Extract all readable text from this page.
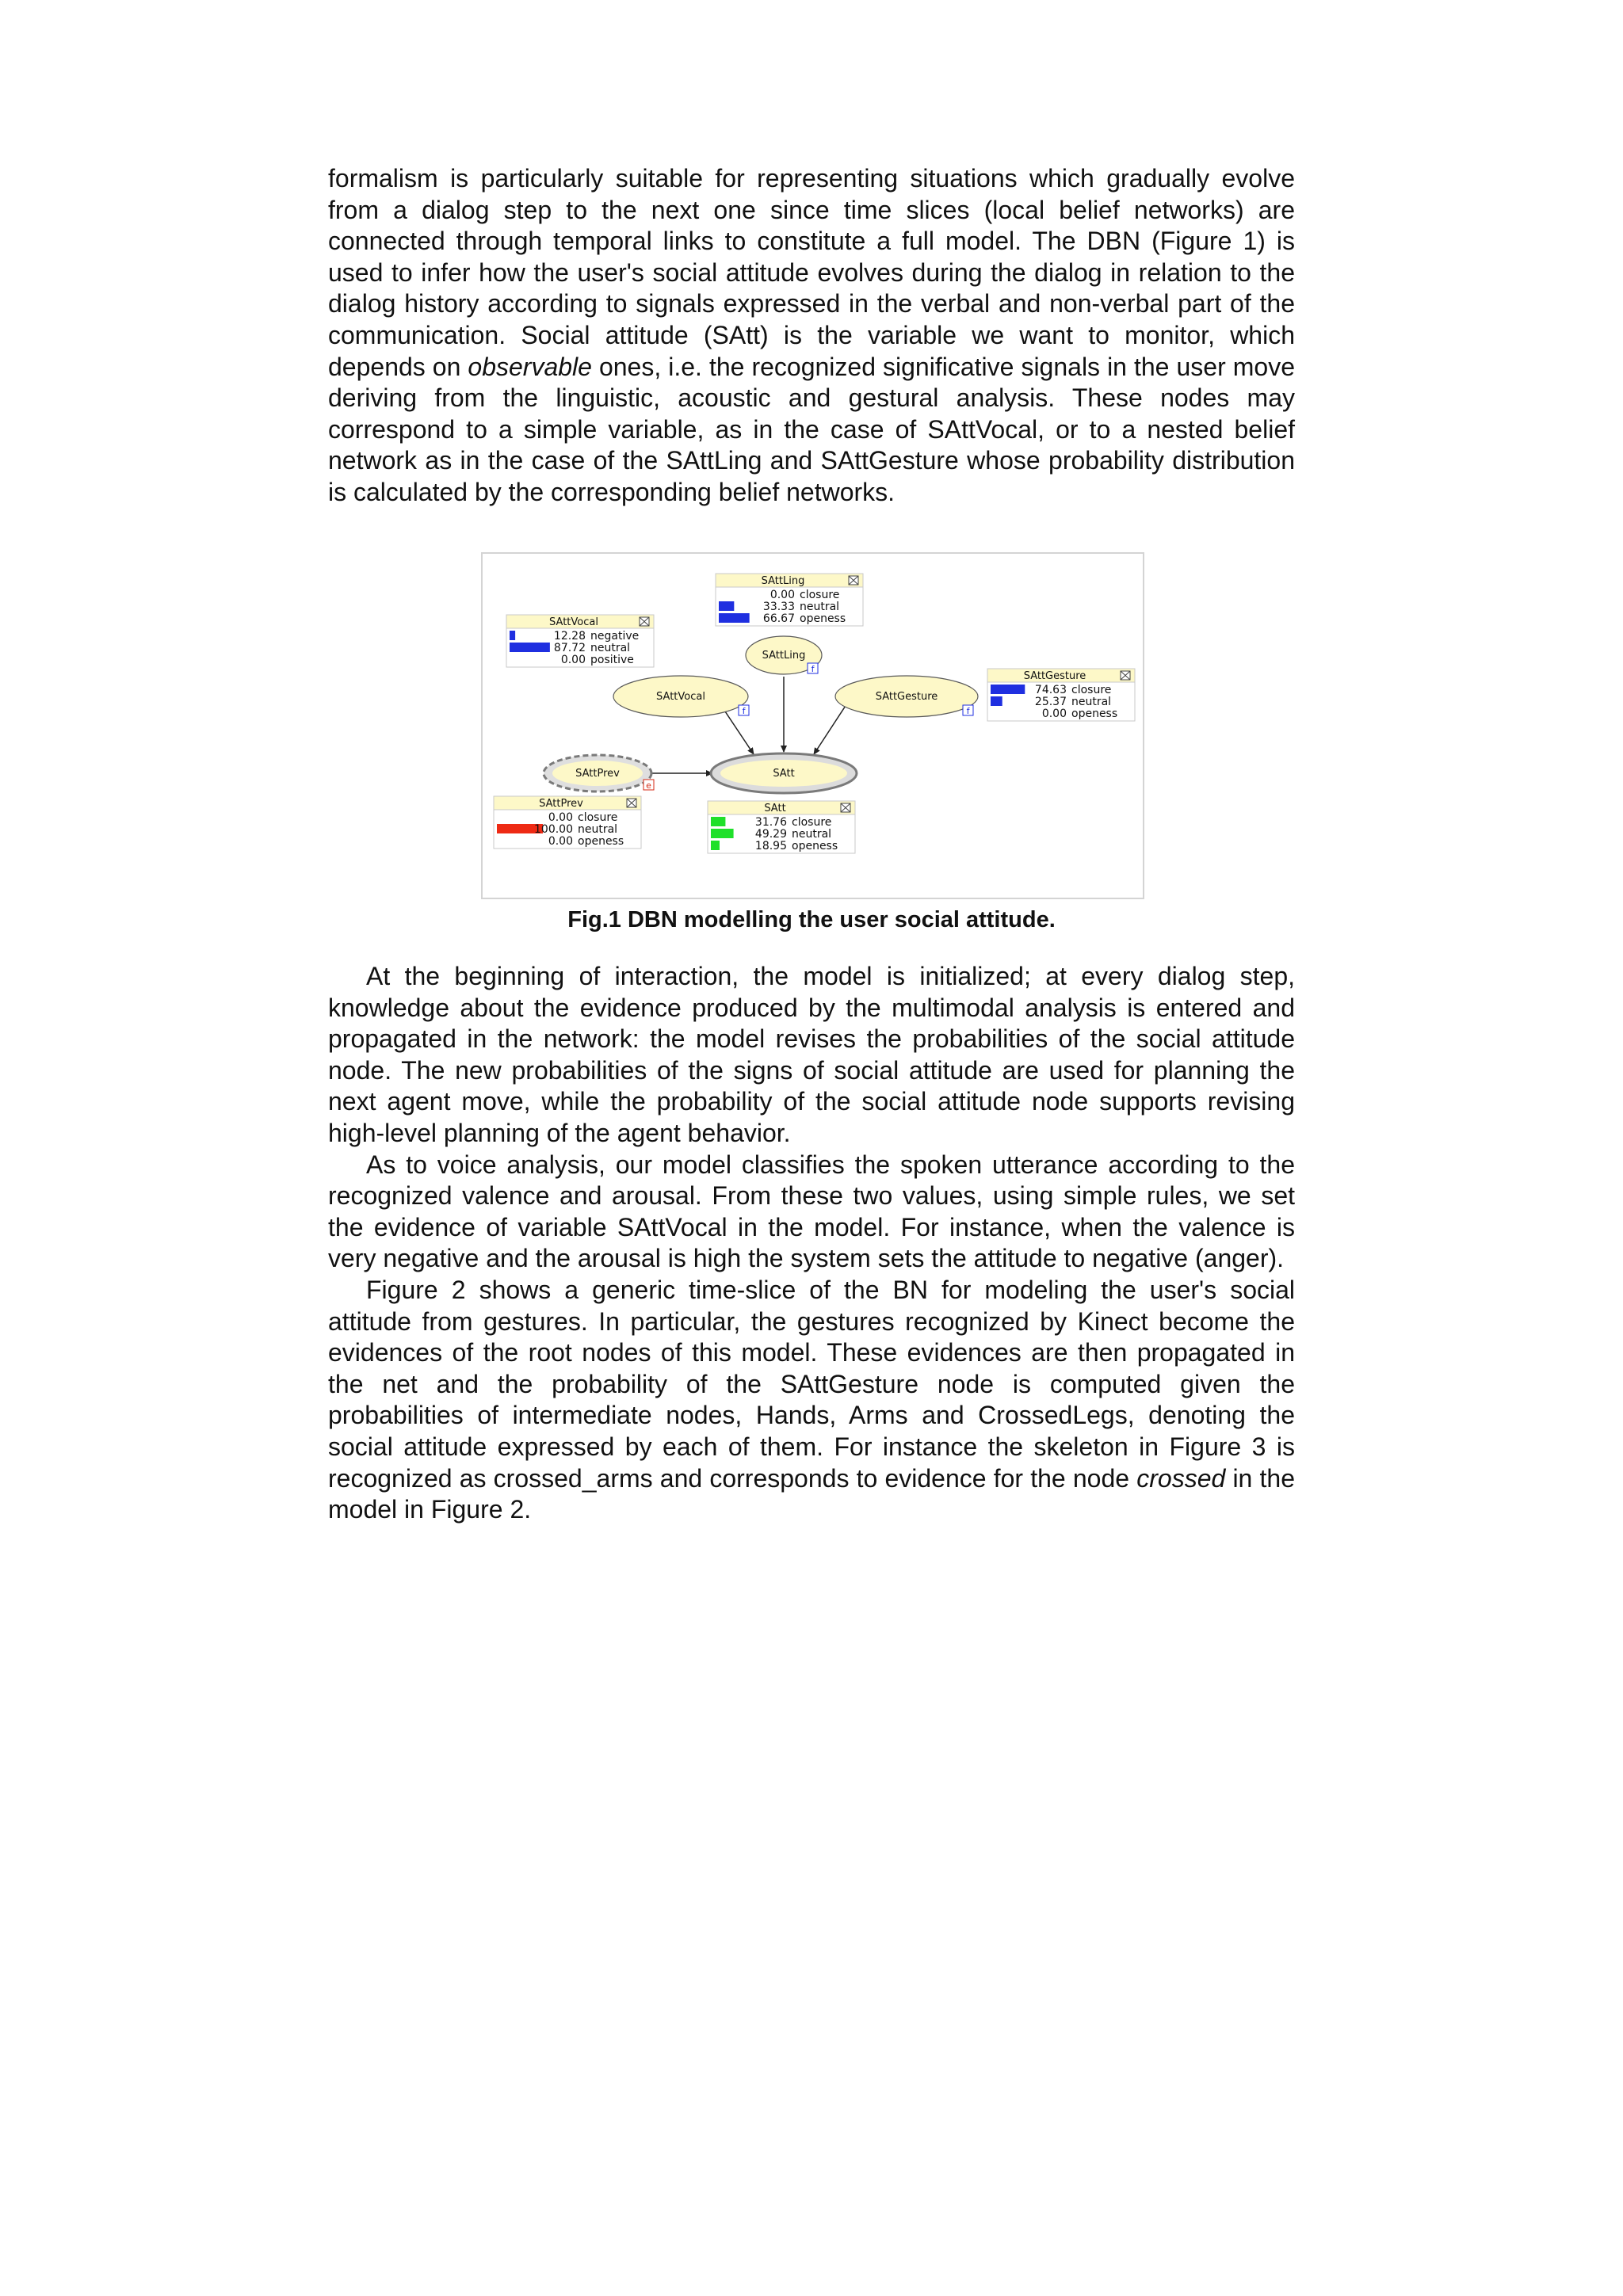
formalism is particularly suitable for representing situations which gradually evolve from a dialog step to the next one since time slices (local belief networks) are connected through temporal links to constitute a full model. The DBN (Figure 1) is used to infer how the user's social attitude evolves during the dialog in relation to the dialog history according to signals expressed in the verbal and non-verbal part of the communication. Social attitude (SAtt) is the variable we want to monitor, which depends on observable ones, i.e. the recognized significative signals in the user move deriving from the linguistic, acoustic and gestural analysis. These nodes may correspond to a simple variable, as in the case of SAttVocal, or to a nested belief network as in the case of the SAttLing and SAttGesture whose probability distribution is calculated by the corresponding belief networks.

SAttLing
f
SAttVocal
f
SAttGesture
f
SAttPrev
e
SAtt
SAttLing
0.00 closure
33.33 neutral
66.67 openess
SAttVocal
12.28 negative
87.72 neutral
0.00 positive
SAttGesture
74.63 closure
25.37 neutral
0.00 openess
SAttPrev
0.00 closure
100.00 neutral
0.00 openess
SAtt
31.76 closure
49.29 neutral
18.95 openess
Fig.1 DBN modelling the user social attitude.

At the beginning of interaction, the model is initialized; at every dialog step, knowledge about the evidence produced by the multimodal analysis is entered and propagated in the network: the model revises the probabilities of the social attitude node. The new probabilities of the signs of social attitude are used for planning the next agent move, while the probability of the social attitude node supports revising high-level planning of the agent behavior.

As to voice analysis, our model classifies the spoken utterance according to the recognized valence and arousal. From these two values, using simple rules, we set the evidence of variable SAttVocal in the model. For instance, when the valence is very negative and the arousal is high the system sets the attitude to negative (anger).

Figure 2 shows a generic time-slice of the BN for modeling the user's social attitude from gestures. In particular, the gestures recognized by Kinect become the evidences of the root nodes of this model. These evidences are then propagated in the net and the probability of the SAttGesture node is computed given the probabilities of intermediate nodes, Hands, Arms and CrossedLegs, denoting the social attitude expressed by each of them. For instance the skeleton in Figure 3 is recognized as crossed_arms and corresponds to evidence for the node crossed in the model in Figure 2.
